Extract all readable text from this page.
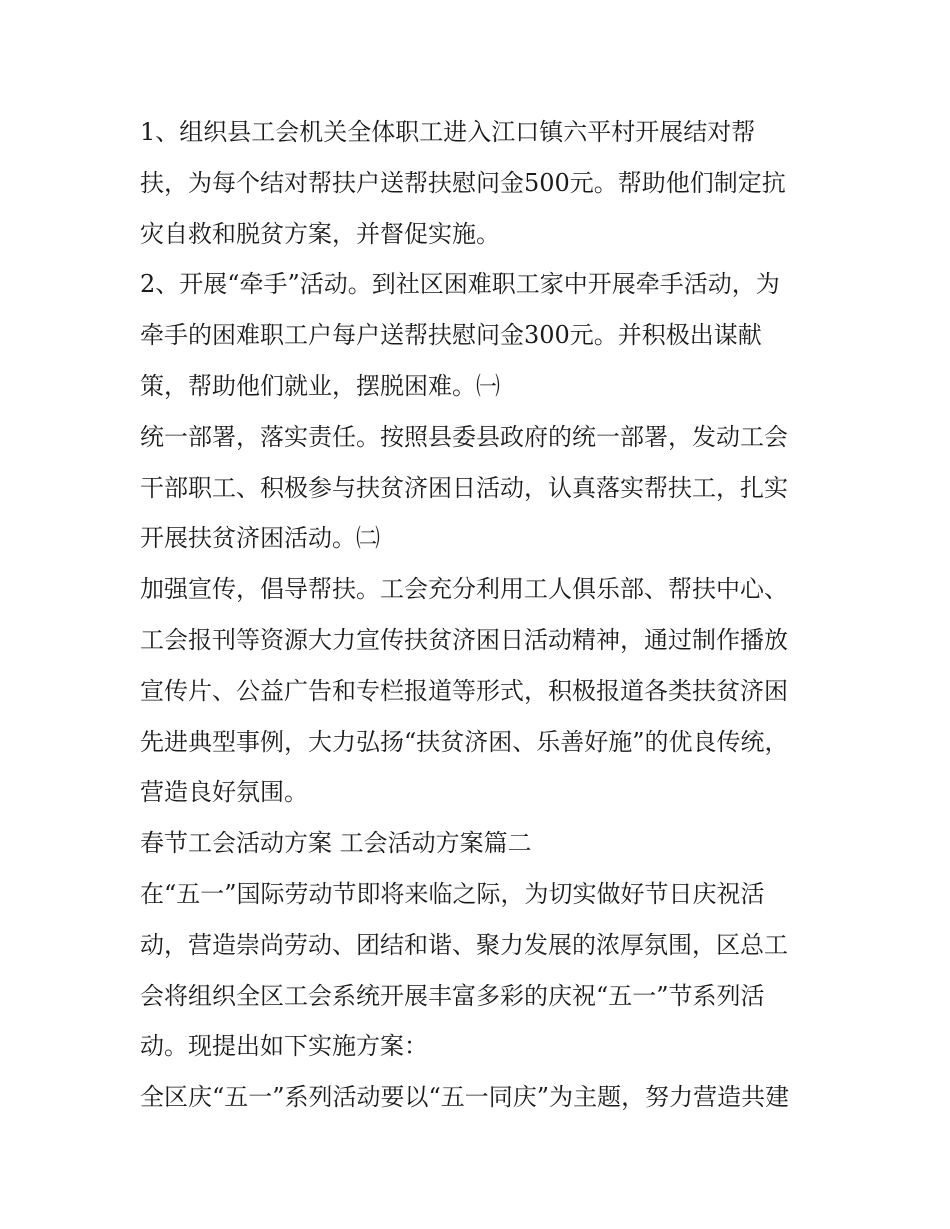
1、组织县工会机关全体职工进入江口镇六平村开展结对帮
扶，为每个结对帮扶户送帮扶慰问金500元。帮助他们制定抗
灾自救和脱贫方案，并督促实施。
2、开展“牵手”活动。到社区困难职工家中开展牵手活动，为
牵手的困难职工户每户送帮扶慰问金300元。并积极出谋献
策，帮助他们就业，摆脱困难。㈠
统一部署，落实责任。按照县委县政府的统一部署，发动工会
干部职工、积极参与扶贫济困日活动，认真落实帮扶工，扎实
开展扶贫济困活动。㈡
加强宣传，倡导帮扶。工会充分利用工人俱乐部、帮扶中心、
工会报刊等资源大力宣传扶贫济困日活动精神，通过制作播放
宣传片、公益广告和专栏报道等形式，积极报道各类扶贫济困
先进典型事例，大力弘扬“扶贫济困、乐善好施”的优良传统，
营造良好氛围。
春节工会活动方案 工会活动方案篇二
在“五一”国际劳动节即将来临之际，为切实做好节日庆祝活
动，营造崇尚劳动、团结和谐、聚力发展的浓厚氛围，区总工
会将组织全区工会系统开展丰富多彩的庆祝“五一”节系列活
动。现提出如下实施方案：
全区庆“五一”系列活动要以“五一同庆”为主题，努力营造共建
